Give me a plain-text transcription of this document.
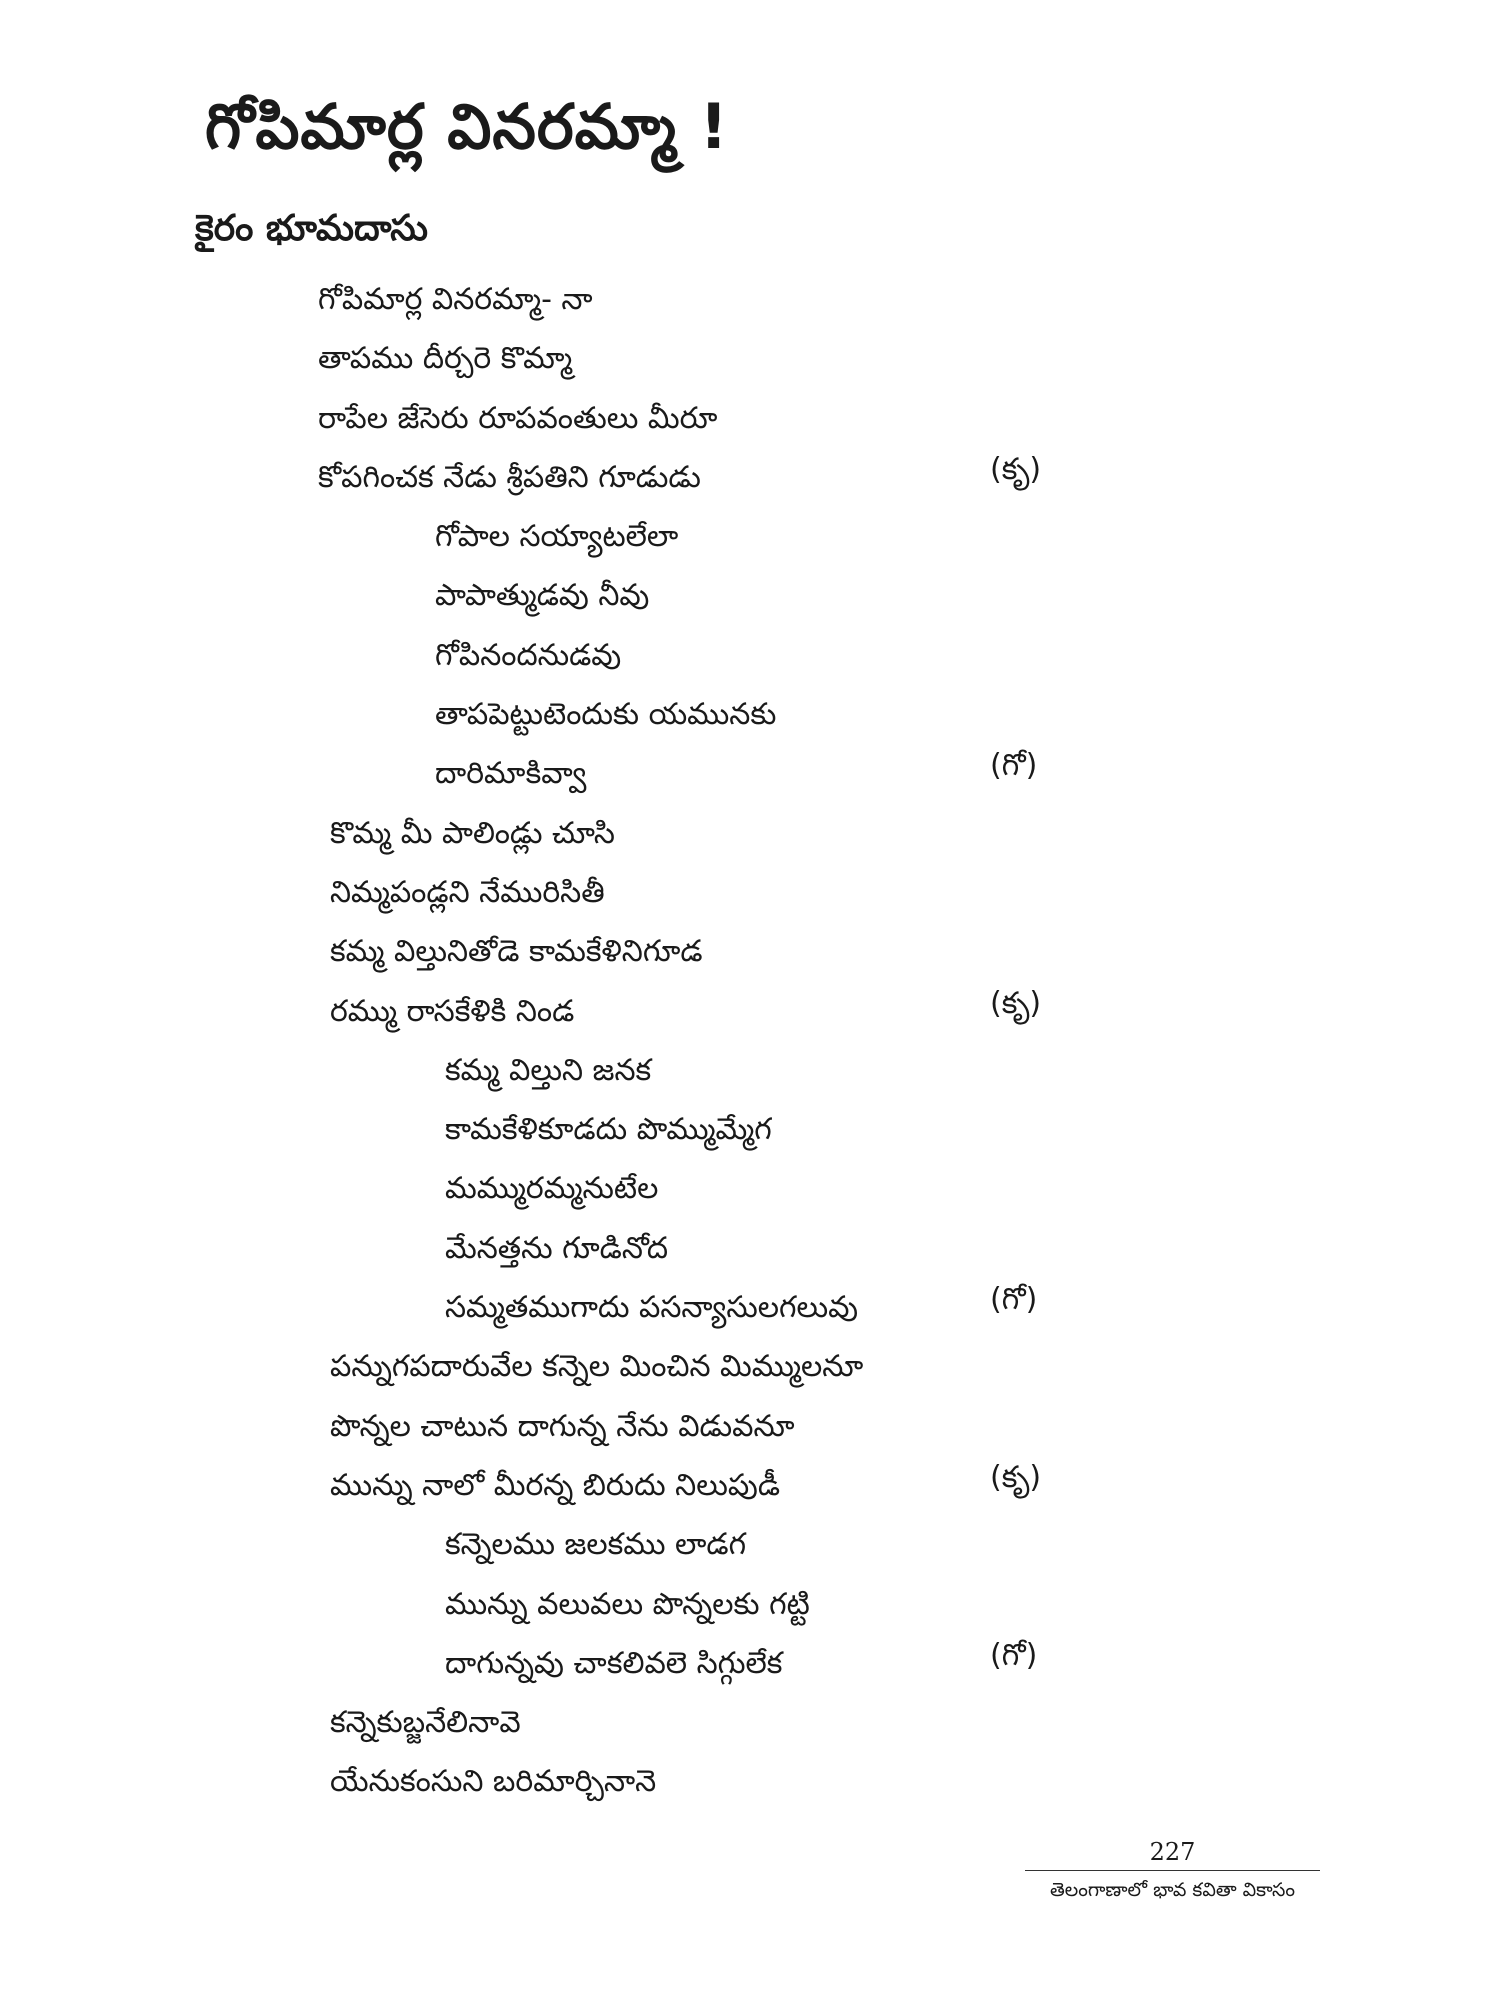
గోపిమార్ల వినరమ్మా !
కైరం భూమదాసు
గోపిమార్ల వినరమ్మా- నా
తాపము దీర్చరె కొమ్మా
రాపేల జేసెరు రూపవంతులు మీరూ
కోపగించక నేడు శ్రీపతిని గూడుడు	(కృ)
గోపాల సయ్యాటలేలా
పాపాత్ముడవు నీవు
గోపినందనుడవు
తాపపెట్టుటెందుకు యమునకు
దారిమాకివ్వా	(గో)
కొమ్మ మీ పాలిండ్లు చూసి
నిమ్మపండ్లని నేమురిసితీ
కమ్మ విల్తునితోడె కామకేళినిగూడ
రమ్ము రాసకేళికి నిండ	(కృ)
కమ్మ విల్తుని జనక
కామకేళికూడదు పొమ్ముమ్మేగ
మమ్మురమ్మనుటేల
మేనత్తను గూడినోద
సమ్మతముగాదు పసన్యాసులగలువు	(గో)
పన్నుగపదారువేల కన్నెల మించిన మిమ్ములనూ
పొన్నల చాటున దాగున్న నేను విడువనూ
మున్ను నాలో మీరన్న బిరుదు నిలుపుడీ	(కృ)
కన్నెలము జలకము లాడగ
మున్ను వలువలు పొన్నలకు గట్టి
దాగున్నవు చాకలివలె సిగ్గులేక	(గో)
కన్నెకుబ్జనేలినావె
యేనుకంసుని బరిమార్చినానె
227
తెలంగాణాలో భావ కవితా వికాసం
